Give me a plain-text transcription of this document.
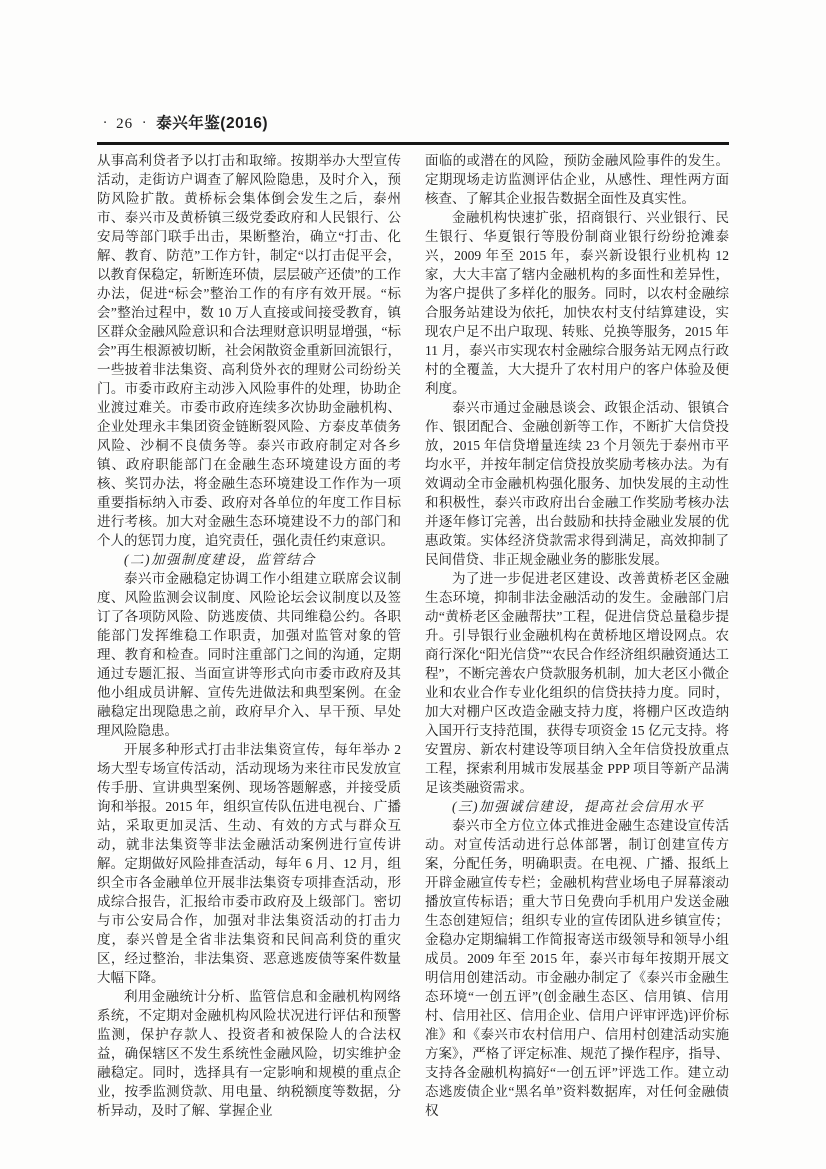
· 26 · 泰兴年鉴(2016)

从事高利贷者予以打击和取缔。按期举办大型宣传活动，走街访户调查了解风险隐患，及时介入，预防风险扩散。黄桥标会集体倒会发生之后，泰州市、泰兴市及黄桥镇三级党委政府和人民银行、公安局等部门联手出击，果断整治，确立“打击、化解、教育、防范”工作方针，制定“以打击促平会，以教育保稳定，斩断连环债，层层破产还债”的工作办法，促进“标会”整治工作的有序有效开展。“标会”整治过程中，数 10 万人直接或间接受教育，镇区群众金融风险意识和合法理财意识明显增强，“标会”再生根源被切断，社会闲散资金重新回流银行，一些披着非法集资、高利贷外衣的理财公司纷纷关门。市委市政府主动涉入风险事件的处理，协助企业渡过难关。市委市政府连续多次协助金融机构、企业处理永丰集团资金链断裂风险、方泰皮革债务风险、沙桐不良债务等。泰兴市政府制定对各乡镇、政府职能部门在金融生态环境建设方面的考核、奖罚办法，将金融生态环境建设工作作为一项重要指标纳入市委、政府对各单位的年度工作目标进行考核。加大对金融生态环境建设不力的部门和个人的惩罚力度，追究责任，强化责任约束意识。

(二)加强制度建设，监管结合

泰兴市金融稳定协调工作小组建立联席会议制度、风险监测会议制度、风险论坛会议制度以及签订了各项防风险、防逃废债、共同维稳公约。各职能部门发挥维稳工作职责，加强对监管对象的管理、教育和检查。同时注重部门之间的沟通，定期通过专题汇报、当面宣讲等形式向市委市政府及其他小组成员讲解、宣传先进做法和典型案例。在金融稳定出现隐患之前，政府早介入、早干预、早处理风险隐患。

开展多种形式打击非法集资宣传，每年举办 2 场大型专场宣传活动，活动现场为来往市民发放宣传手册、宣讲典型案例、现场答题解惑，并接受质询和举报。2015 年，组织宣传队伍进电视台、广播站，采取更加灵活、生动、有效的方式与群众互动，就非法集资等非法金融活动案例进行宣传讲解。定期做好风险排查活动，每年 6 月、12 月，组织全市各金融单位开展非法集资专项排查活动，形成综合报告，汇报给市委市政府及上级部门。密切与市公安局合作，加强对非法集资活动的打击力度，泰兴曾是全省非法集资和民间高利贷的重灾区，经过整治，非法集资、恶意逃废债等案件数量大幅下降。

利用金融统计分析、监管信息和金融机构网络系统，不定期对金融机构风险状况进行评估和预警监测，保护存款人、投资者和被保险人的合法权益，确保辖区不发生系统性金融风险，切实维护金融稳定。同时，选择具有一定影响和规模的重点企业，按季监测贷款、用电量、纳税额度等数据，分析异动，及时了解、掌握企业

面临的或潜在的风险，预防金融风险事件的发生。定期现场走访监测评估企业，从感性、理性两方面核查、了解其企业报告数据全面性及真实性。

金融机构快速扩张，招商银行、兴业银行、民生银行、华夏银行等股份制商业银行纷纷抢滩泰兴，2009 年至 2015 年，泰兴新设银行业机构 12 家，大大丰富了辖内金融机构的多面性和差异性，为客户提供了多样化的服务。同时，以农村金融综合服务站建设为依托，加快农村支付结算建设，实现农户足不出户取现、转账、兑换等服务，2015 年 11 月，泰兴市实现农村金融综合服务站无网点行政村的全覆盖，大大提升了农村用户的客户体验及便利度。

泰兴市通过金融恳谈会、政银企活动、银镇合作、银团配合、金融创新等工作，不断扩大信贷投放，2015 年信贷增量连续 23 个月领先于泰州市平均水平，并按年制定信贷投放奖励考核办法。为有效调动全市金融机构强化服务、加快发展的主动性和积极性，泰兴市政府出台金融工作奖励考核办法并逐年修订完善，出台鼓励和扶持金融业发展的优惠政策。实体经济贷款需求得到满足，高效抑制了民间借贷、非正规金融业务的膨胀发展。

为了进一步促进老区建设、改善黄桥老区金融生态环境，抑制非法金融活动的发生。金融部门启动“黄桥老区金融帮扶”工程，促进信贷总量稳步提升。引导银行业金融机构在黄桥地区增设网点。农商行深化“阳光信贷”“农民合作经济组织融资通达工程”，不断完善农户贷款服务机制，加大老区小微企业和农业合作专业化组织的信贷扶持力度。同时，加大对棚户区改造金融支持力度，将棚户区改造纳入国开行支持范围，获得专项资金 15 亿元支持。将安置房、新农村建设等项目纳入全年信贷投放重点工程，探索利用城市发展基金 PPP 项目等新产品满足该类融资需求。

(三)加强诚信建设，提高社会信用水平

泰兴市全方位立体式推进金融生态建设宣传活动。对宣传活动进行总体部署，制订创建宣传方案，分配任务，明确职责。在电视、广播、报纸上开辟金融宣传专栏；金融机构营业场电子屏幕滚动播放宣传标语；重大节日免费向手机用户发送金融生态创建短信；组织专业的宣传团队进乡镇宣传；金稳办定期编辑工作简报寄送市级领导和领导小组成员。2009 年至 2015 年，泰兴市每年按期开展文明信用创建活动。市金融办制定了《泰兴市金融生态环境“一创五评”(创金融生态区、信用镇、信用村、信用社区、信用企业、信用户评审评选)评价标准》和《泰兴市农村信用户、信用村创建活动实施方案》，严格了评定标准、规范了操作程序，指导、支持各金融机构搞好“一创五评”评选工作。建立动态逃废债企业“黑名单”资料数据库，对任何金融债权
